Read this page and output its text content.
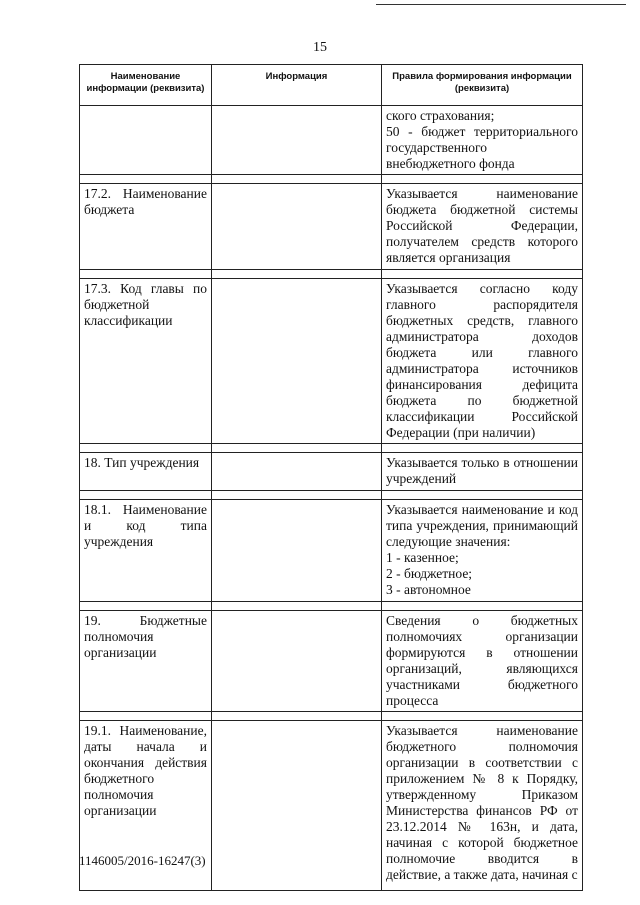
15
Наименование информации (реквизита)	Информация	Правила формирования информации (реквизита)
		ского страхования;
50 - бюджет территориального государственного внебюджетного фонда

17.2. Наименование бюджета		Указывается наименование бюджета бюджетной системы Российской Федерации, получателем средств которого является организация

17.3. Код главы по бюджетной классификации		Указывается согласно коду главного распорядителя бюджетных средств, главного администратора доходов бюджета или главного администратора источников финансирования дефицита бюджета по бюджетной классификации Российской Федерации (при наличии)

18. Тип учреждения		Указывается только в отношении учреждений

18.1. Наименование и код типа учреждения		Указывается наименование и код типа учреждения, принимающий следующие значения:
1 - казенное;
2 - бюджетное;
3 - автономное

19. Бюджетные полномочия организации		Сведения о бюджетных полномочиях организации формируются в отношении организаций, являющихся участниками бюджетного процесса

19.1. Наименование, даты начала и окончания действия бюджетного полномочия организации		Указывается наименование бюджетного полномочия организации в соответствии с приложением № 8 к Порядку, утвержденному Приказом Министерства финансов РФ от 23.12.2014 № 163н, и дата, начиная с которой бюджетное полномочие вводится в действие, а также дата, начиная с
1146005/2016-16247(3)
